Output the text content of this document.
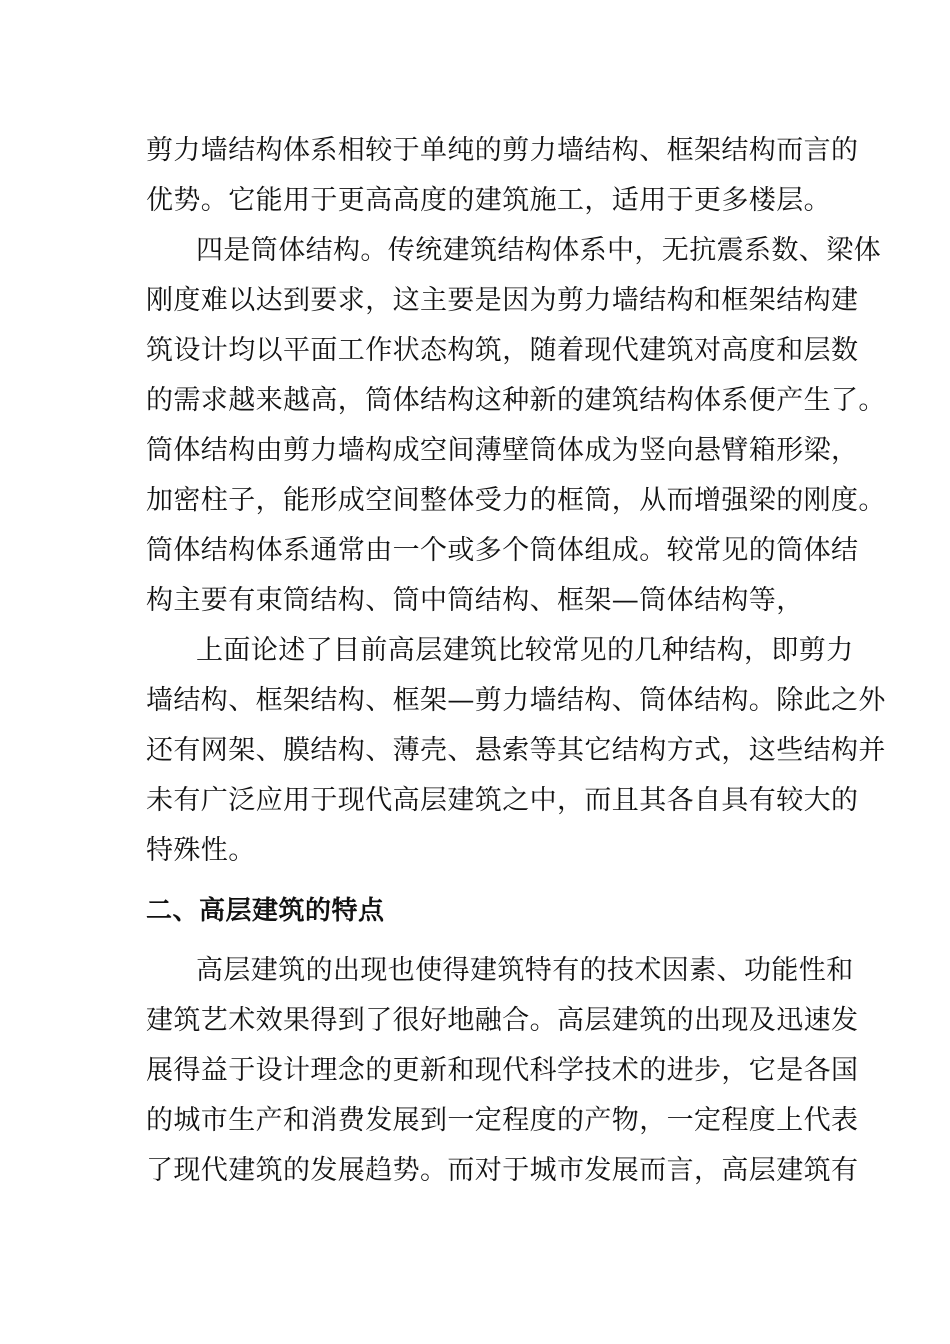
剪力墙结构体系相较于单纯的剪力墙结构、框架结构而言的
优势。它能用于更高高度的建筑施工，适用于更多楼层。
四是筒体结构。传统建筑结构体系中，无抗震系数、梁体
刚度难以达到要求，这主要是因为剪力墙结构和框架结构建
筑设计均以平面工作状态构筑，随着现代建筑对高度和层数
的需求越来越高，筒体结构这种新的建筑结构体系便产生了。
筒体结构由剪力墙构成空间薄壁筒体成为竖向悬臂箱形梁，
加密柱子，能形成空间整体受力的框筒，从而增强梁的刚度。
筒体结构体系通常由一个或多个筒体组成。较常见的筒体结
构主要有束筒结构、筒中筒结构、框架—筒体结构等，
上面论述了目前高层建筑比较常见的几种结构，即剪力
墙结构、框架结构、框架—剪力墙结构、筒体结构。除此之外
还有网架、膜结构、薄壳、悬索等其它结构方式，这些结构并
未有广泛应用于现代高层建筑之中，而且其各自具有较大的
特殊性。
二、高层建筑的特点
高层建筑的出现也使得建筑特有的技术因素、功能性和
建筑艺术效果得到了很好地融合。高层建筑的出现及迅速发
展得益于设计理念的更新和现代科学技术的进步，它是各国
的城市生产和消费发展到一定程度的产物，一定程度上代表
了现代建筑的发展趋势。而对于城市发展而言，高层建筑有
